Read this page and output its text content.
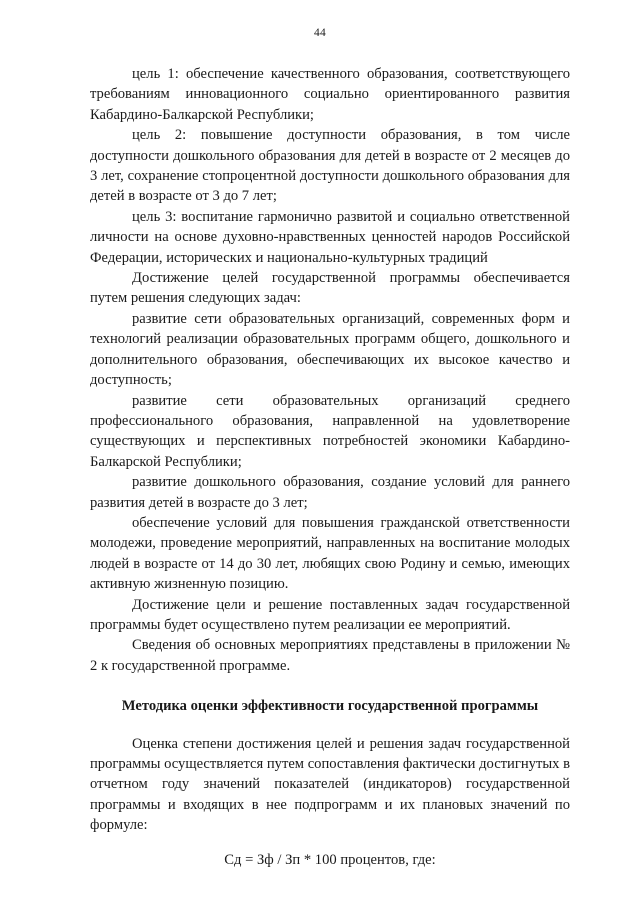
44

цель 1: обеспечение качественного образования, соответствующего требованиям инновационного социально ориентированного развития Кабардино-Балкарской Республики;

цель 2: повышение доступности образования, в том числе доступности дошкольного образования для детей в возрасте от 2 месяцев до 3 лет, сохранение стопроцентной доступности дошкольного образования для детей в возрасте от 3 до 7 лет;

цель 3: воспитание гармонично развитой и социально ответственной личности на основе духовно-нравственных ценностей народов Российской Федерации, исторических и национально-культурных традиций

Достижение целей государственной программы обеспечивается путем решения следующих задач:

развитие сети образовательных организаций, современных форм и технологий реализации образовательных программ общего, дошкольного и дополнительного образования, обеспечивающих их высокое качество и доступность;

развитие сети образовательных организаций среднего профессионального образования, направленной на удовлетворение существующих и перспективных потребностей экономики Кабардино-Балкарской Республики;

развитие дошкольного образования, создание условий для раннего развития детей в возрасте до 3 лет;

обеспечение условий для повышения гражданской ответственности молодежи, проведение мероприятий, направленных на воспитание молодых людей в возрасте от 14 до 30 лет, любящих свою Родину и семью, имеющих активную жизненную позицию.

Достижение цели и решение поставленных задач государственной программы будет осуществлено путем реализации ее мероприятий.

Сведения об основных мероприятиях представлены в приложении № 2 к государственной программе.

Методика оценки эффективности государственной программы

Оценка степени достижения целей и решения задач государственной программы осуществляется путем сопоставления фактически достигнутых в отчетном году значений показателей (индикаторов) государственной программы и входящих в нее подпрограмм и их плановых значений по формуле:

Сд = Зф / Зп * 100 процентов, где:
